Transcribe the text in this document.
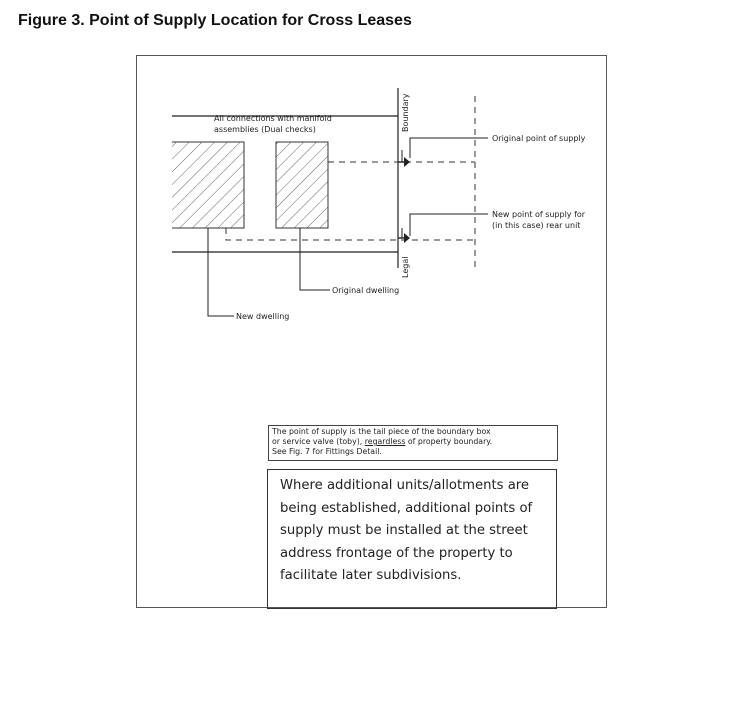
Figure 3. Point of Supply Location for Cross Leases
All connections with manifold
assemblies (Dual checks)	Boundary
Legal
Original point of supply
New point of supply for
(in this case) rear unit
Original dwelling
New dwelling
The point of supply is the tail piece of the boundary box
or service valve (toby), regardless of property boundary.
See Fig. 7 for Fittings Detail.
Where additional units/allotments are being established, additional points of supply must be installed at the street address frontage of the property to facilitate later subdivisions.
